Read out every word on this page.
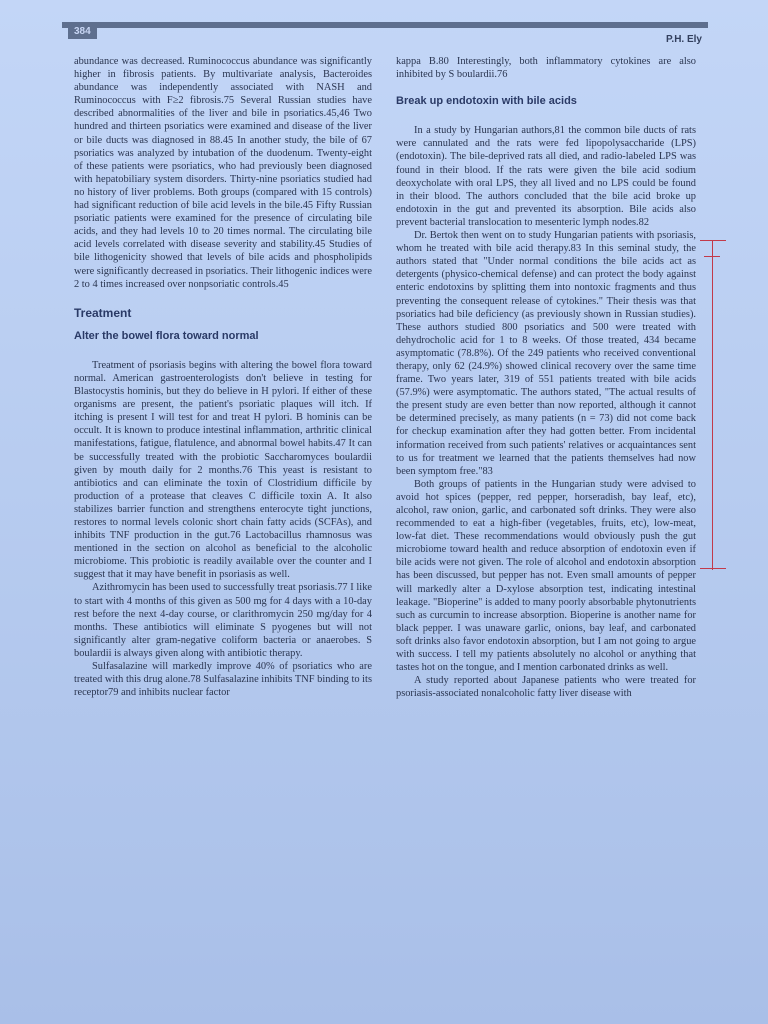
384
P.H. Ely

abundance was decreased. Ruminococcus abundance was significantly higher in fibrosis patients. By multivariate analysis, Bacteroides abundance was independently associated with NASH and Ruminococcus with F≥2 fibrosis.75 Several Russian studies have described abnormalities of the liver and bile in psoriatics.45,46 Two hundred and thirteen psoriatics were examined and disease of the liver or bile ducts was diagnosed in 88.45 In another study, the bile of 67 psoriatics was analyzed by intubation of the duodenum. Twenty-eight of these patients were psoriatics, who had previously been diagnosed with hepatobiliary system disorders. Thirty-nine psoriatics studied had no history of liver problems. Both groups (compared with 15 controls) had significant reduction of bile acid levels in the bile.45 Fifty Russian psoriatic patients were examined for the presence of circulating bile acids, and they had levels 10 to 20 times normal. The circulating bile acid levels correlated with disease severity and stability.45 Studies of bile lithogenicity showed that levels of bile acids and phospholipids were significantly decreased in psoriatics. Their lithogenic indices were 2 to 4 times increased over nonpsoriatic controls.45

Treatment
Alter the bowel flora toward normal

Treatment of psoriasis begins with altering the bowel flora toward normal. American gastroenterologists don't believe in testing for Blastocystis hominis, but they do believe in H pylori. If either of these organisms are present, the patient's psoriatic plaques will itch. If itching is present I will test for and treat H pylori. B hominis can be occult. It is known to produce intestinal inflammation, arthritic clinical manifestations, fatigue, flatulence, and abnormal bowel habits.47 It can be successfully treated with the probiotic Saccharomyces boulardii given by mouth daily for 2 months.76 This yeast is resistant to antibiotics and can eliminate the toxin of Clostridium difficile by production of a protease that cleaves C difficile toxin A. It also stabilizes barrier function and strengthens enterocyte tight junctions, restores to normal levels colonic short chain fatty acids (SCFAs), and inhibits TNF production in the gut.76 Lactobacillus rhamnosus was mentioned in the section on alcohol as beneficial to the alcoholic microbiome. This probiotic is readily available over the counter and I suggest that it may have benefit in psoriasis as well.

Azithromycin has been used to successfully treat psoriasis.77 I like to start with 4 months of this given as 500 mg for 4 days with a 10-day rest before the next 4-day course, or clarithromycin 250 mg/day for 4 months. These antibiotics will eliminate S pyogenes but will not significantly alter gram-negative coliform bacteria or anaerobes. S boulardii is always given along with antibiotic therapy.

Sulfasalazine will markedly improve 40% of psoriatics who are treated with this drug alone.78 Sulfasalazine inhibits TNF binding to its receptor79 and inhibits nuclear factor

kappa B.80 Interestingly, both inflammatory cytokines are also inhibited by S boulardii.76

Break up endotoxin with bile acids

In a study by Hungarian authors,81 the common bile ducts of rats were cannulated and the rats were fed lipopolysaccharide (LPS) (endotoxin). The bile-deprived rats all died, and radio-labeled LPS was found in their blood. If the rats were given the bile acid sodium deoxycholate with oral LPS, they all lived and no LPS could be found in their blood. The authors concluded that the bile acid broke up endotoxin in the gut and prevented its absorption. Bile acids also prevent bacterial translocation to mesenteric lymph nodes.82

Dr. Bertok then went on to study Hungarian patients with psoriasis, whom he treated with bile acid therapy.83 In this seminal study, the authors stated that "Under normal conditions the bile acids act as detergents (physico-chemical defense) and can protect the body against enteric endotoxins by splitting them into nontoxic fragments and thus preventing the consequent release of cytokines." Their thesis was that psoriatics had bile deficiency (as previously shown in Russian studies). These authors studied 800 psoriatics and 500 were treated with dehydrocholic acid for 1 to 8 weeks. Of those treated, 434 became asymptomatic (78.8%). Of the 249 patients who received conventional therapy, only 62 (24.9%) showed clinical recovery over the same time frame. Two years later, 319 of 551 patients treated with bile acids (57.9%) were asymptomatic. The authors stated, "The actual results of the present study are even better than now reported, although it cannot be determined precisely, as many patients (n = 73) did not come back for checkup examination after they had gotten better. From incidental information received from such patients' relatives or acquaintances sent to us for treatment we learned that the patients themselves had now been symptom free."83

Both groups of patients in the Hungarian study were advised to avoid hot spices (pepper, red pepper, horseradish, bay leaf, etc), alcohol, raw onion, garlic, and carbonated soft drinks. They were also recommended to eat a high-fiber (vegetables, fruits, etc), low-meat, low-fat diet. These recommendations would obviously push the gut microbiome toward health and reduce absorption of endotoxin even if bile acids were not given. The role of alcohol and endotoxin absorption has been discussed, but pepper has not. Even small amounts of pepper will markedly alter a D-xylose absorption test, indicating intestinal leakage. "Bioperine" is added to many poorly absorbable phytonutrients such as curcumin to increase absorption. Bioperine is another name for black pepper. I was unaware garlic, onions, bay leaf, and carbonated soft drinks also favor endotoxin absorption, but I am not going to argue with success. I tell my patients absolutely no alcohol or anything that tastes hot on the tongue, and I mention carbonated drinks as well.

A study reported about Japanese patients who were treated for psoriasis-associated nonalcoholic fatty liver disease with
